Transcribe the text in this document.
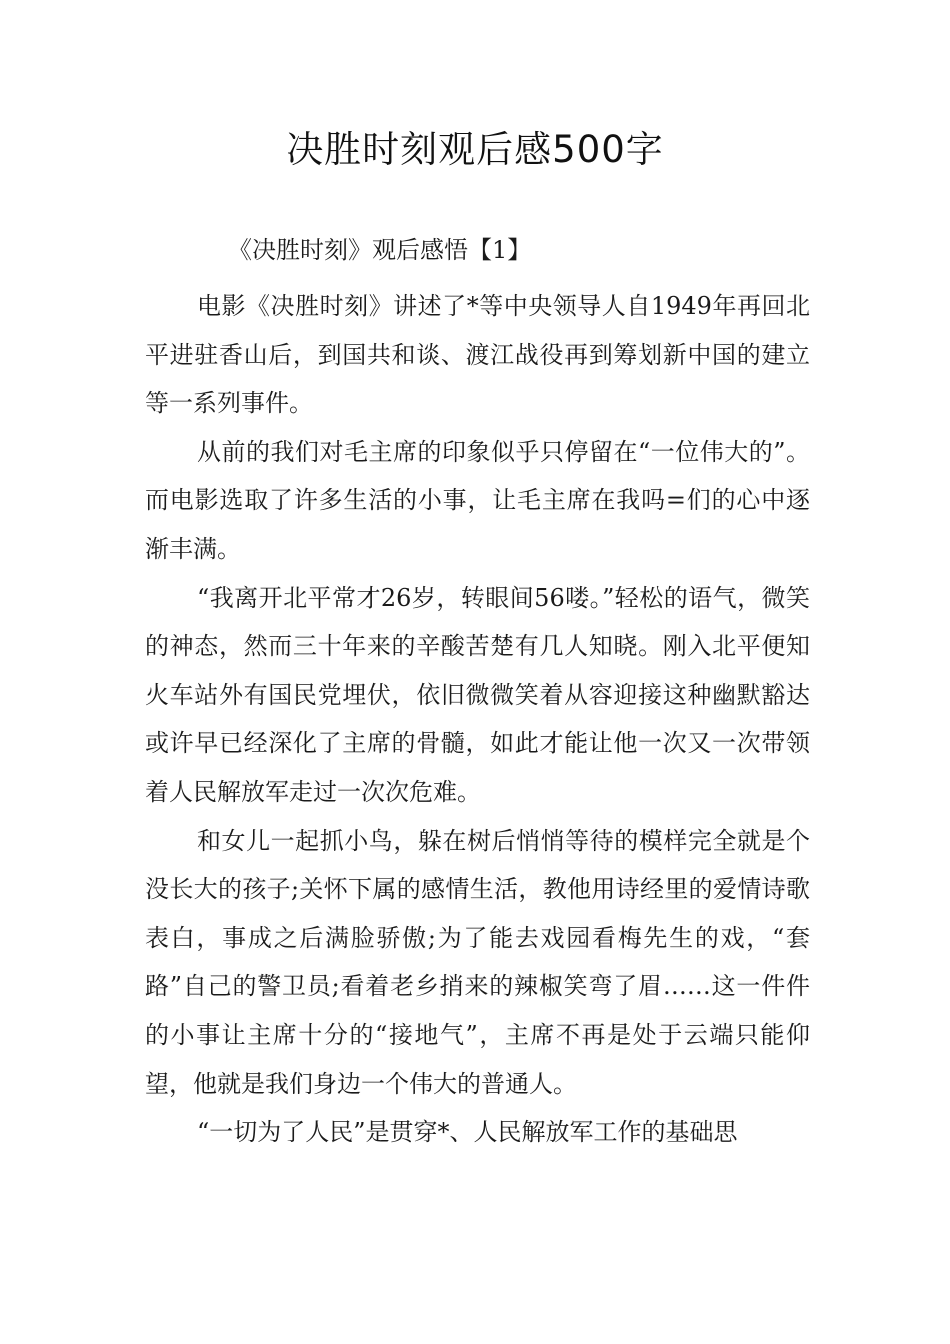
决胜时刻观后感500字
《决胜时刻》观后感悟【1】

电影《决胜时刻》讲述了*等中央领导人自1949年再回北平进驻香山后，到国共和谈、渡江战役再到筹划新中国的建立等一系列事件。

从前的我们对毛主席的印象似乎只停留在“一位伟大的”。而电影选取了许多生活的小事，让毛主席在我吗=们的心中逐渐丰满。

“我离开北平常才26岁，转眼间56喽。”轻松的语气，微笑的神态，然而三十年来的辛酸苦楚有几人知晓。刚入北平便知火车站外有国民党埋伏，依旧微微笑着从容迎接这种幽默豁达或许早已经深化了主席的骨髓，如此才能让他一次又一次带领着人民解放军走过一次次危难。

和女儿一起抓小鸟，躲在树后悄悄等待的模样完全就是个没长大的孩子;关怀下属的感情生活，教他用诗经里的爱情诗歌表白，事成之后满脸骄傲;为了能去戏园看梅先生的戏，“套路”自己的警卫员;看着老乡捎来的辣椒笑弯了眉……这一件件的小事让主席十分的“接地气”，主席不再是处于云端只能仰望，他就是我们身边一个伟大的普通人。

“一切为了人民”是贯穿*、人民解放军工作的基础思
